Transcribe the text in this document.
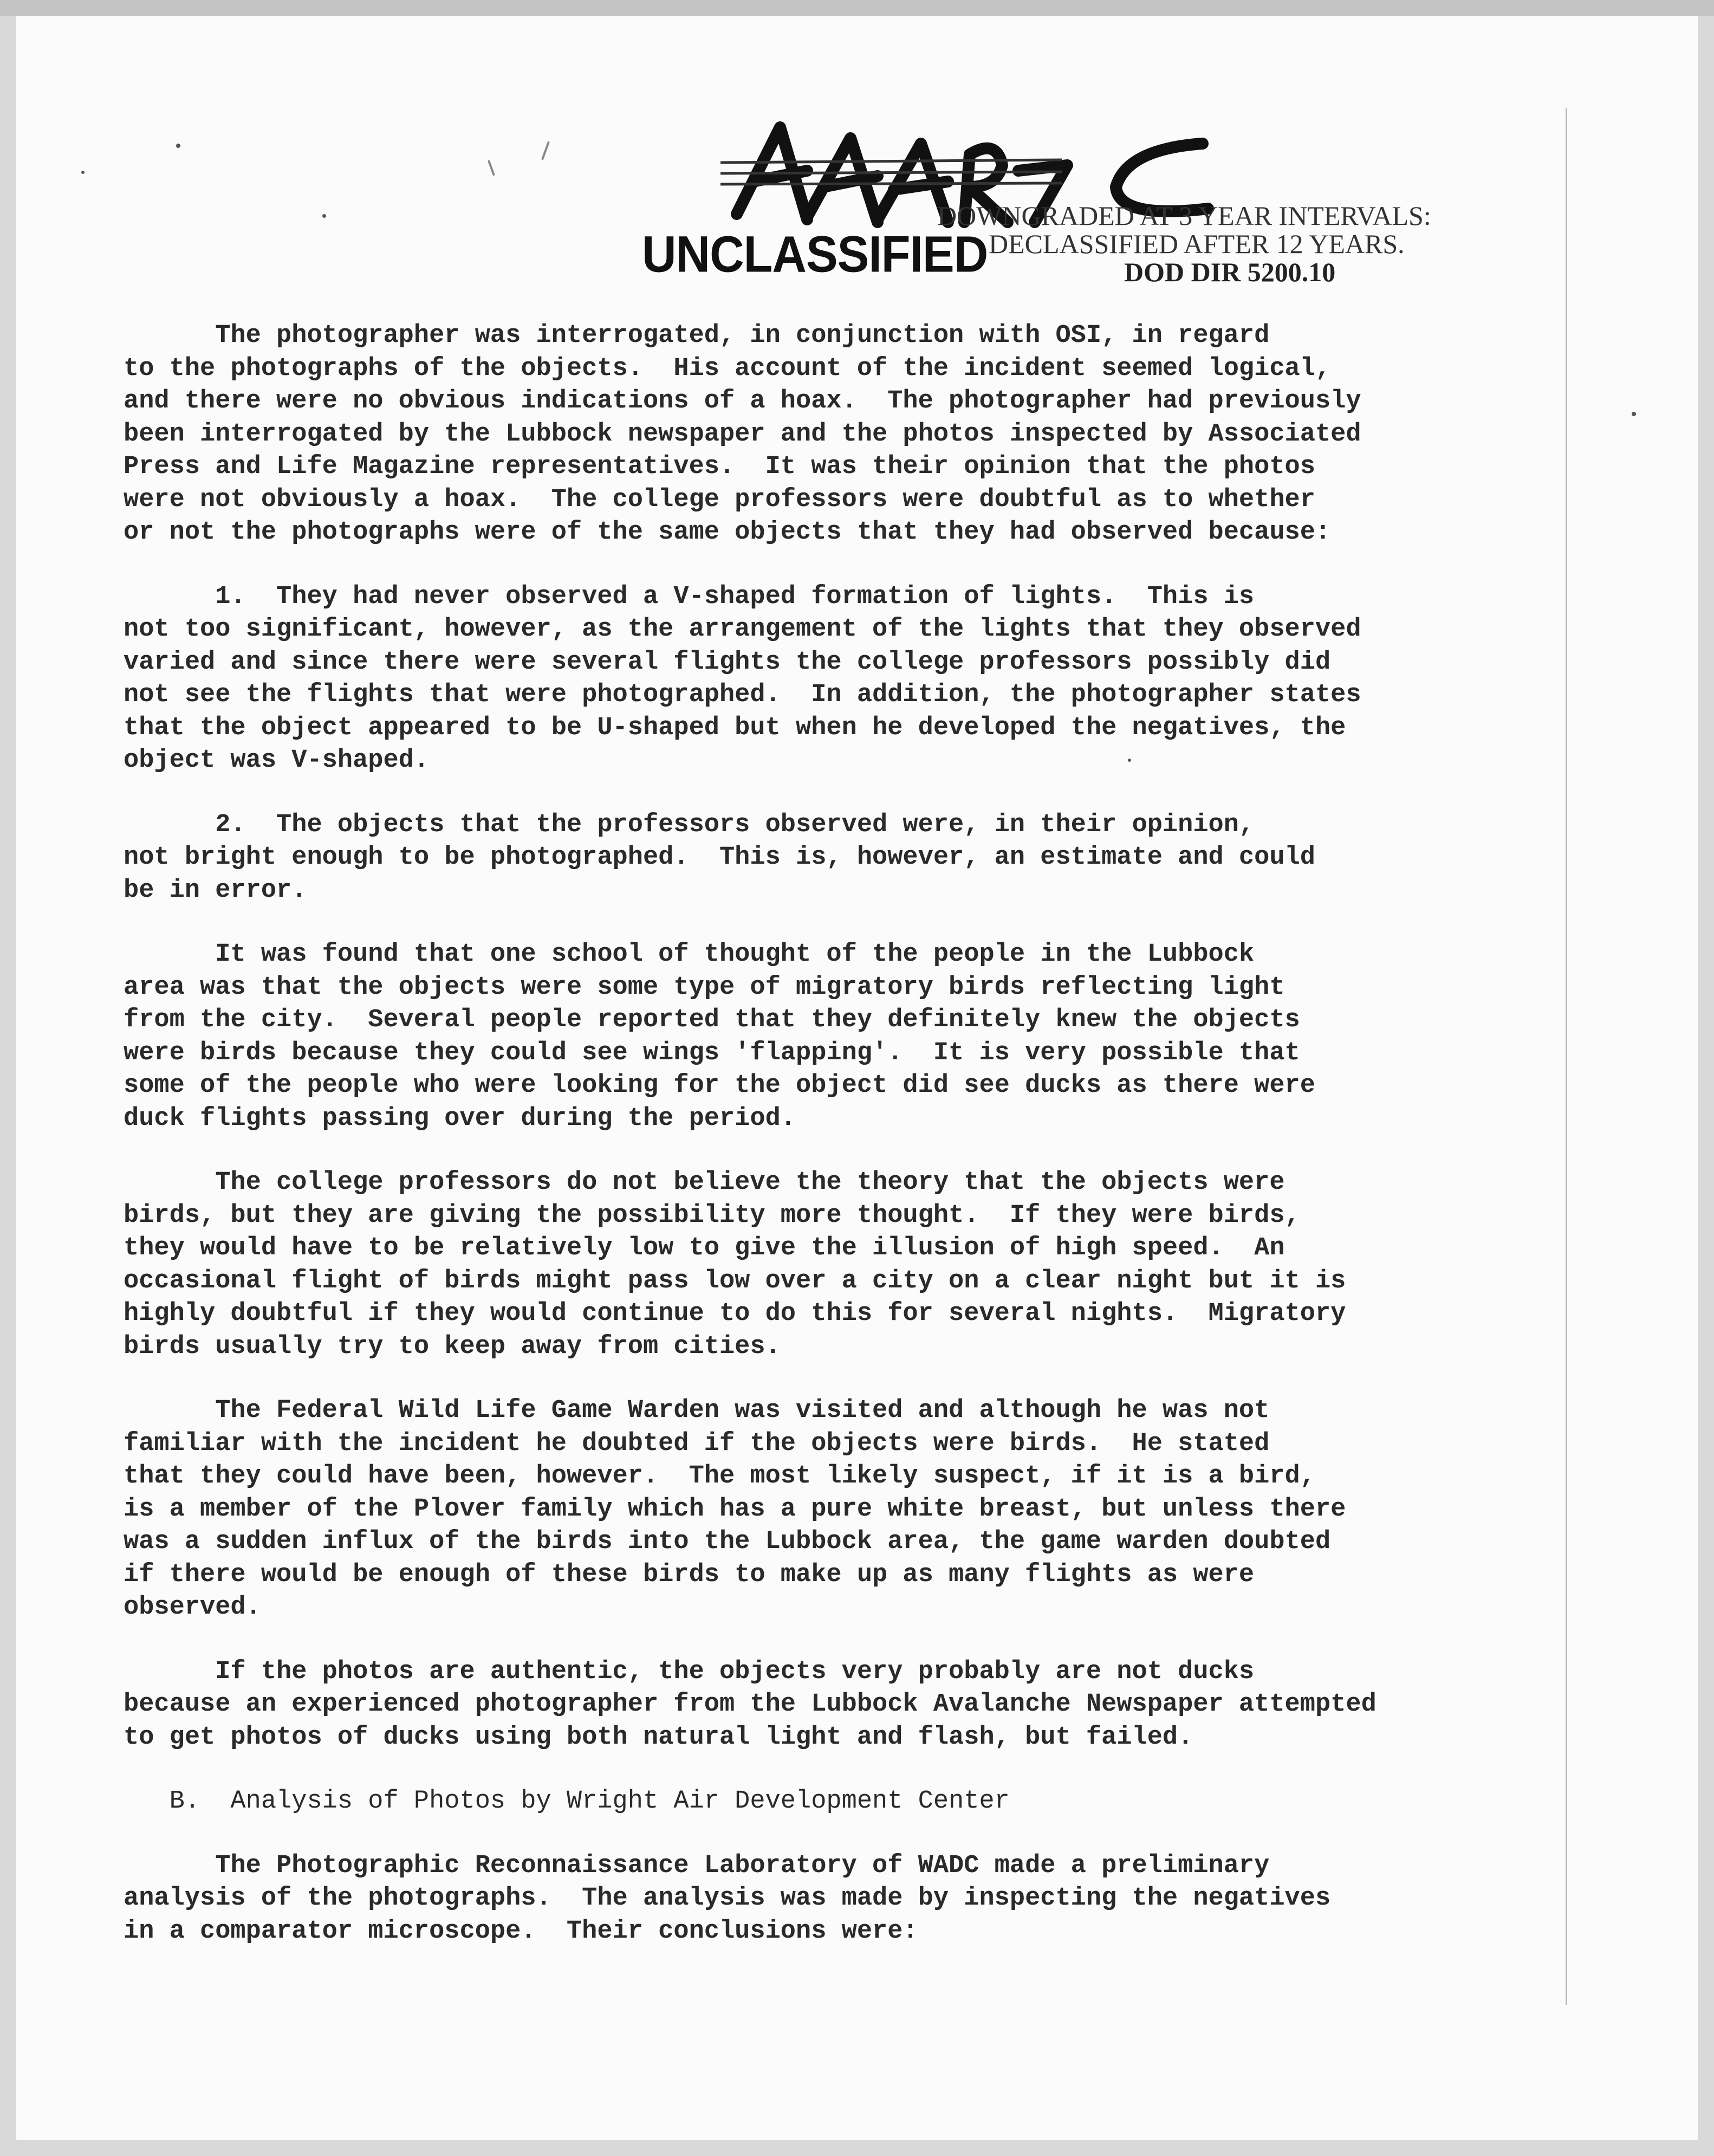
UNCLASSIFIED
DOWNGRADED AT 3 YEAR INTERVALS:
DECLASSIFIED AFTER 12 YEARS.
DOD DIR 5200.10

The photographer was interrogated, in conjunction with OSI, in regard
to the photographs of the objects.  His account of the incident seemed logical,
and there were no obvious indications of a hoax.  The photographer had previously
been interrogated by the Lubbock newspaper and the photos inspected by Associated
Press and Life Magazine representatives.  It was their opinion that the photos
were not obviously a hoax.  The college professors were doubtful as to whether
or not the photographs were of the same objects that they had observed because:

1.  They had never observed a V-shaped formation of lights.  This is
not too significant, however, as the arrangement of the lights that they observed
varied and since there were several flights the college professors possibly did
not see the flights that were photographed.  In addition, the photographer states
that the object appeared to be U-shaped but when he developed the negatives, the
object was V-shaped.

2.  The objects that the professors observed were, in their opinion,
not bright enough to be photographed.  This is, however, an estimate and could
be in error.

It was found that one school of thought of the people in the Lubbock
area was that the objects were some type of migratory birds reflecting light
from the city.  Several people reported that they definitely knew the objects
were birds because they could see wings 'flapping'.  It is very possible that
some of the people who were looking for the object did see ducks as there were
duck flights passing over during the period.

The college professors do not believe the theory that the objects were
birds, but they are giving the possibility more thought.  If they were birds,
they would have to be relatively low to give the illusion of high speed.  An
occasional flight of birds might pass low over a city on a clear night but it is
highly doubtful if they would continue to do this for several nights.  Migratory
birds usually try to keep away from cities.

The Federal Wild Life Game Warden was visited and although he was not
familiar with the incident he doubted if the objects were birds.  He stated
that they could have been, however.  The most likely suspect, if it is a bird,
is a member of the Plover family which has a pure white breast, but unless there
was a sudden influx of the birds into the Lubbock area, the game warden doubted
if there would be enough of these birds to make up as many flights as were
observed.

If the photos are authentic, the objects very probably are not ducks
because an experienced photographer from the Lubbock Avalanche Newspaper attempted
to get photos of ducks using both natural light and flash, but failed.

B.  Analysis of Photos by Wright Air Development Center

The Photographic Reconnaissance Laboratory of WADC made a preliminary
analysis of the photographs.  The analysis was made by inspecting the negatives
in a comparator microscope.  Their conclusions were:
